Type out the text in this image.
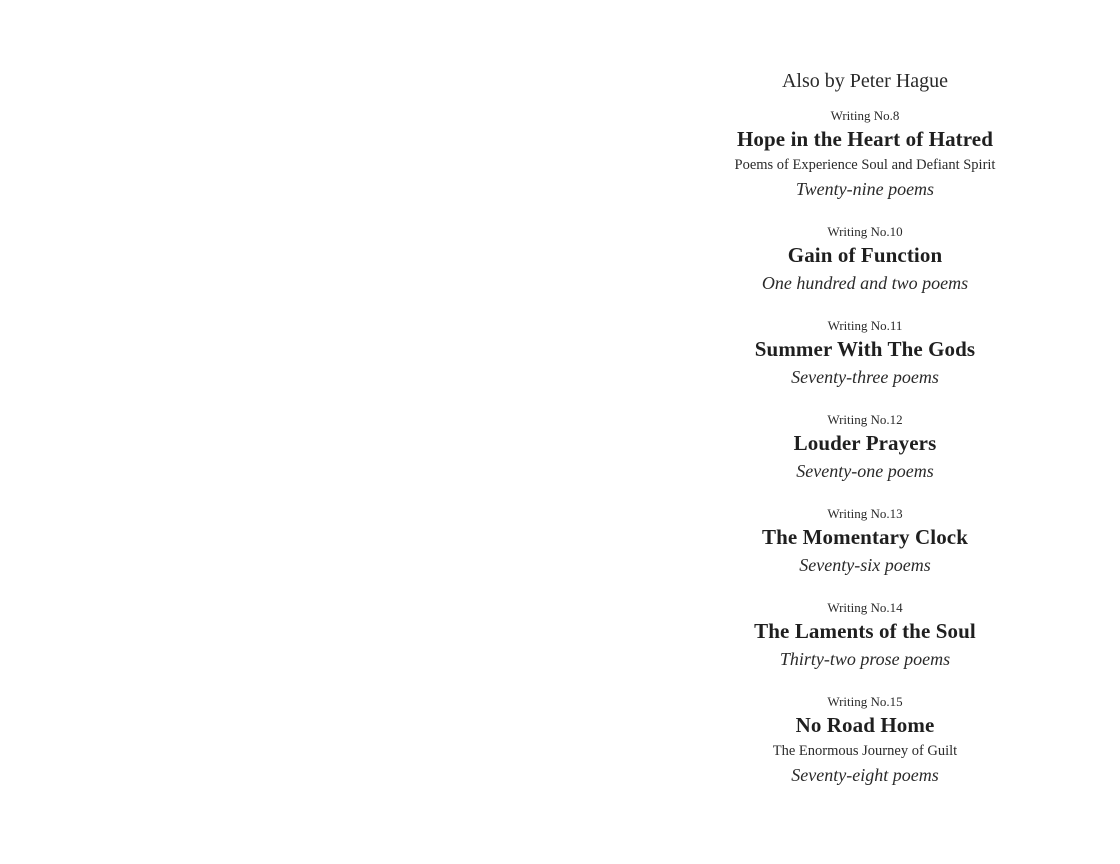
Also by Peter Hague
Writing No.8
Hope in the Heart of Hatred
Poems of Experience Soul and Defiant Spirit
Twenty-nine poems
Writing No.10
Gain of Function
One hundred and two poems
Writing No.11
Summer With The Gods
Seventy-three poems
Writing No.12
Louder Prayers
Seventy-one poems
Writing No.13
The Momentary Clock
Seventy-six poems
Writing No.14
The Laments of the Soul
Thirty-two prose poems
Writing No.15
No Road Home
The Enormous Journey of Guilt
Seventy-eight poems
